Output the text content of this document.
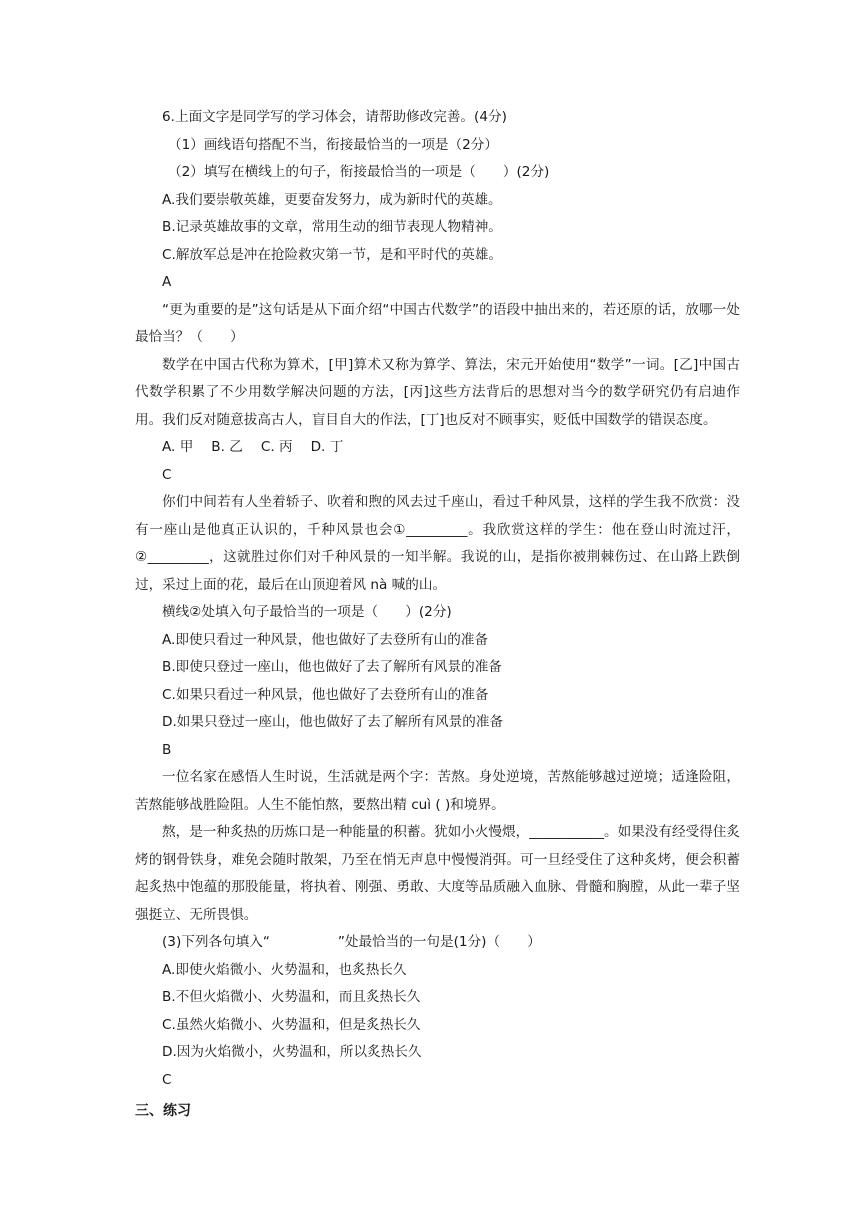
6.上面文字是同学写的学习体会，请帮助修改完善。(4分)

（1）画线语句搭配不当，衔接最恰当的一项是（2分）

（2）填写在横线上的句子，衔接最恰当的一项是（　　）(2分)

A.我们要崇敬英雄，更要奋发努力，成为新时代的英雄。

B.记录英雄故事的文章，常用生动的细节表现人物精神。

C.解放军总是冲在抢险救灾第一节，是和平时代的英雄。

A

“更为重要的是”这句话是从下面介绍“中国古代数学”的语段中抽出来的，若还原的话，放哪一处最恰当？（　　）

数学在中国古代称为算术，[甲]算术又称为算学、算法，宋元开始使用“数学”一词。[乙]中国古代数学积累了不少用数学解决问题的方法，[丙]这些方法背后的思想对当今的数学研究仍有启迪作用。我们反对随意拔高古人，盲目自大的作法，[丁]也反对不顾事实，贬低中国数学的错误态度。

A. 甲 B. 乙 C. 丙 D. 丁

C

你们中间若有人坐着轿子、吹着和煦的风去过千座山，看过千种风景，这样的学生我不欣赏：没有一座山是他真正认识的，千种风景也会①_________。我欣赏这样的学生：他在登山时流过汗，②_________，这就胜过你们对千种风景的一知半解。我说的山，是指你被荆棘伤过、在山路上跌倒过，采过上面的花，最后在山顶迎着风 nà 喊的山。

横线②处填入句子最恰当的一项是（　　）(2分)

A.即使只看过一种风景，他也做好了去登所有山的准备

B.即使只登过一座山，他也做好了去了解所有风景的准备

C.如果只看过一种风景，他也做好了去登所有山的准备

D.如果只登过一座山，他也做好了去了解所有风景的准备

B

一位名家在感悟人生时说，生活就是两个字：苦熬。身处逆境，苦熬能够越过逆境；适逢险阻，苦熬能够战胜险阻。人生不能怕熬，要熬出精 cuì ( )和境界。

熬，是一种炙热的历炼口是一种能量的积蓄。犹如小火慢煨，___________。如果没有经受得住炙烤的钢骨铁身，难免会随时散架，乃至在悄无声息中慢慢消弭。可一旦经受住了这种炙烤，便会积蓄起炙热中饱蕴的那股能量，将执着、刚强、勇敢、大度等品质融入血脉、骨髓和胸膛，从此一辈子坚强挺立、无所畏惧。

(3)下列各句填入“　　　　　”处最恰当的一句是(1分)（　　）

A.即使火焰微小、火势温和，也炙热长久

B.不但火焰微小、火势温和，而且炙热长久

C.虽然火焰微小、火势温和，但是炙热长久

D.因为火焰微小，火势温和，所以炙热长久

C

三、练习
